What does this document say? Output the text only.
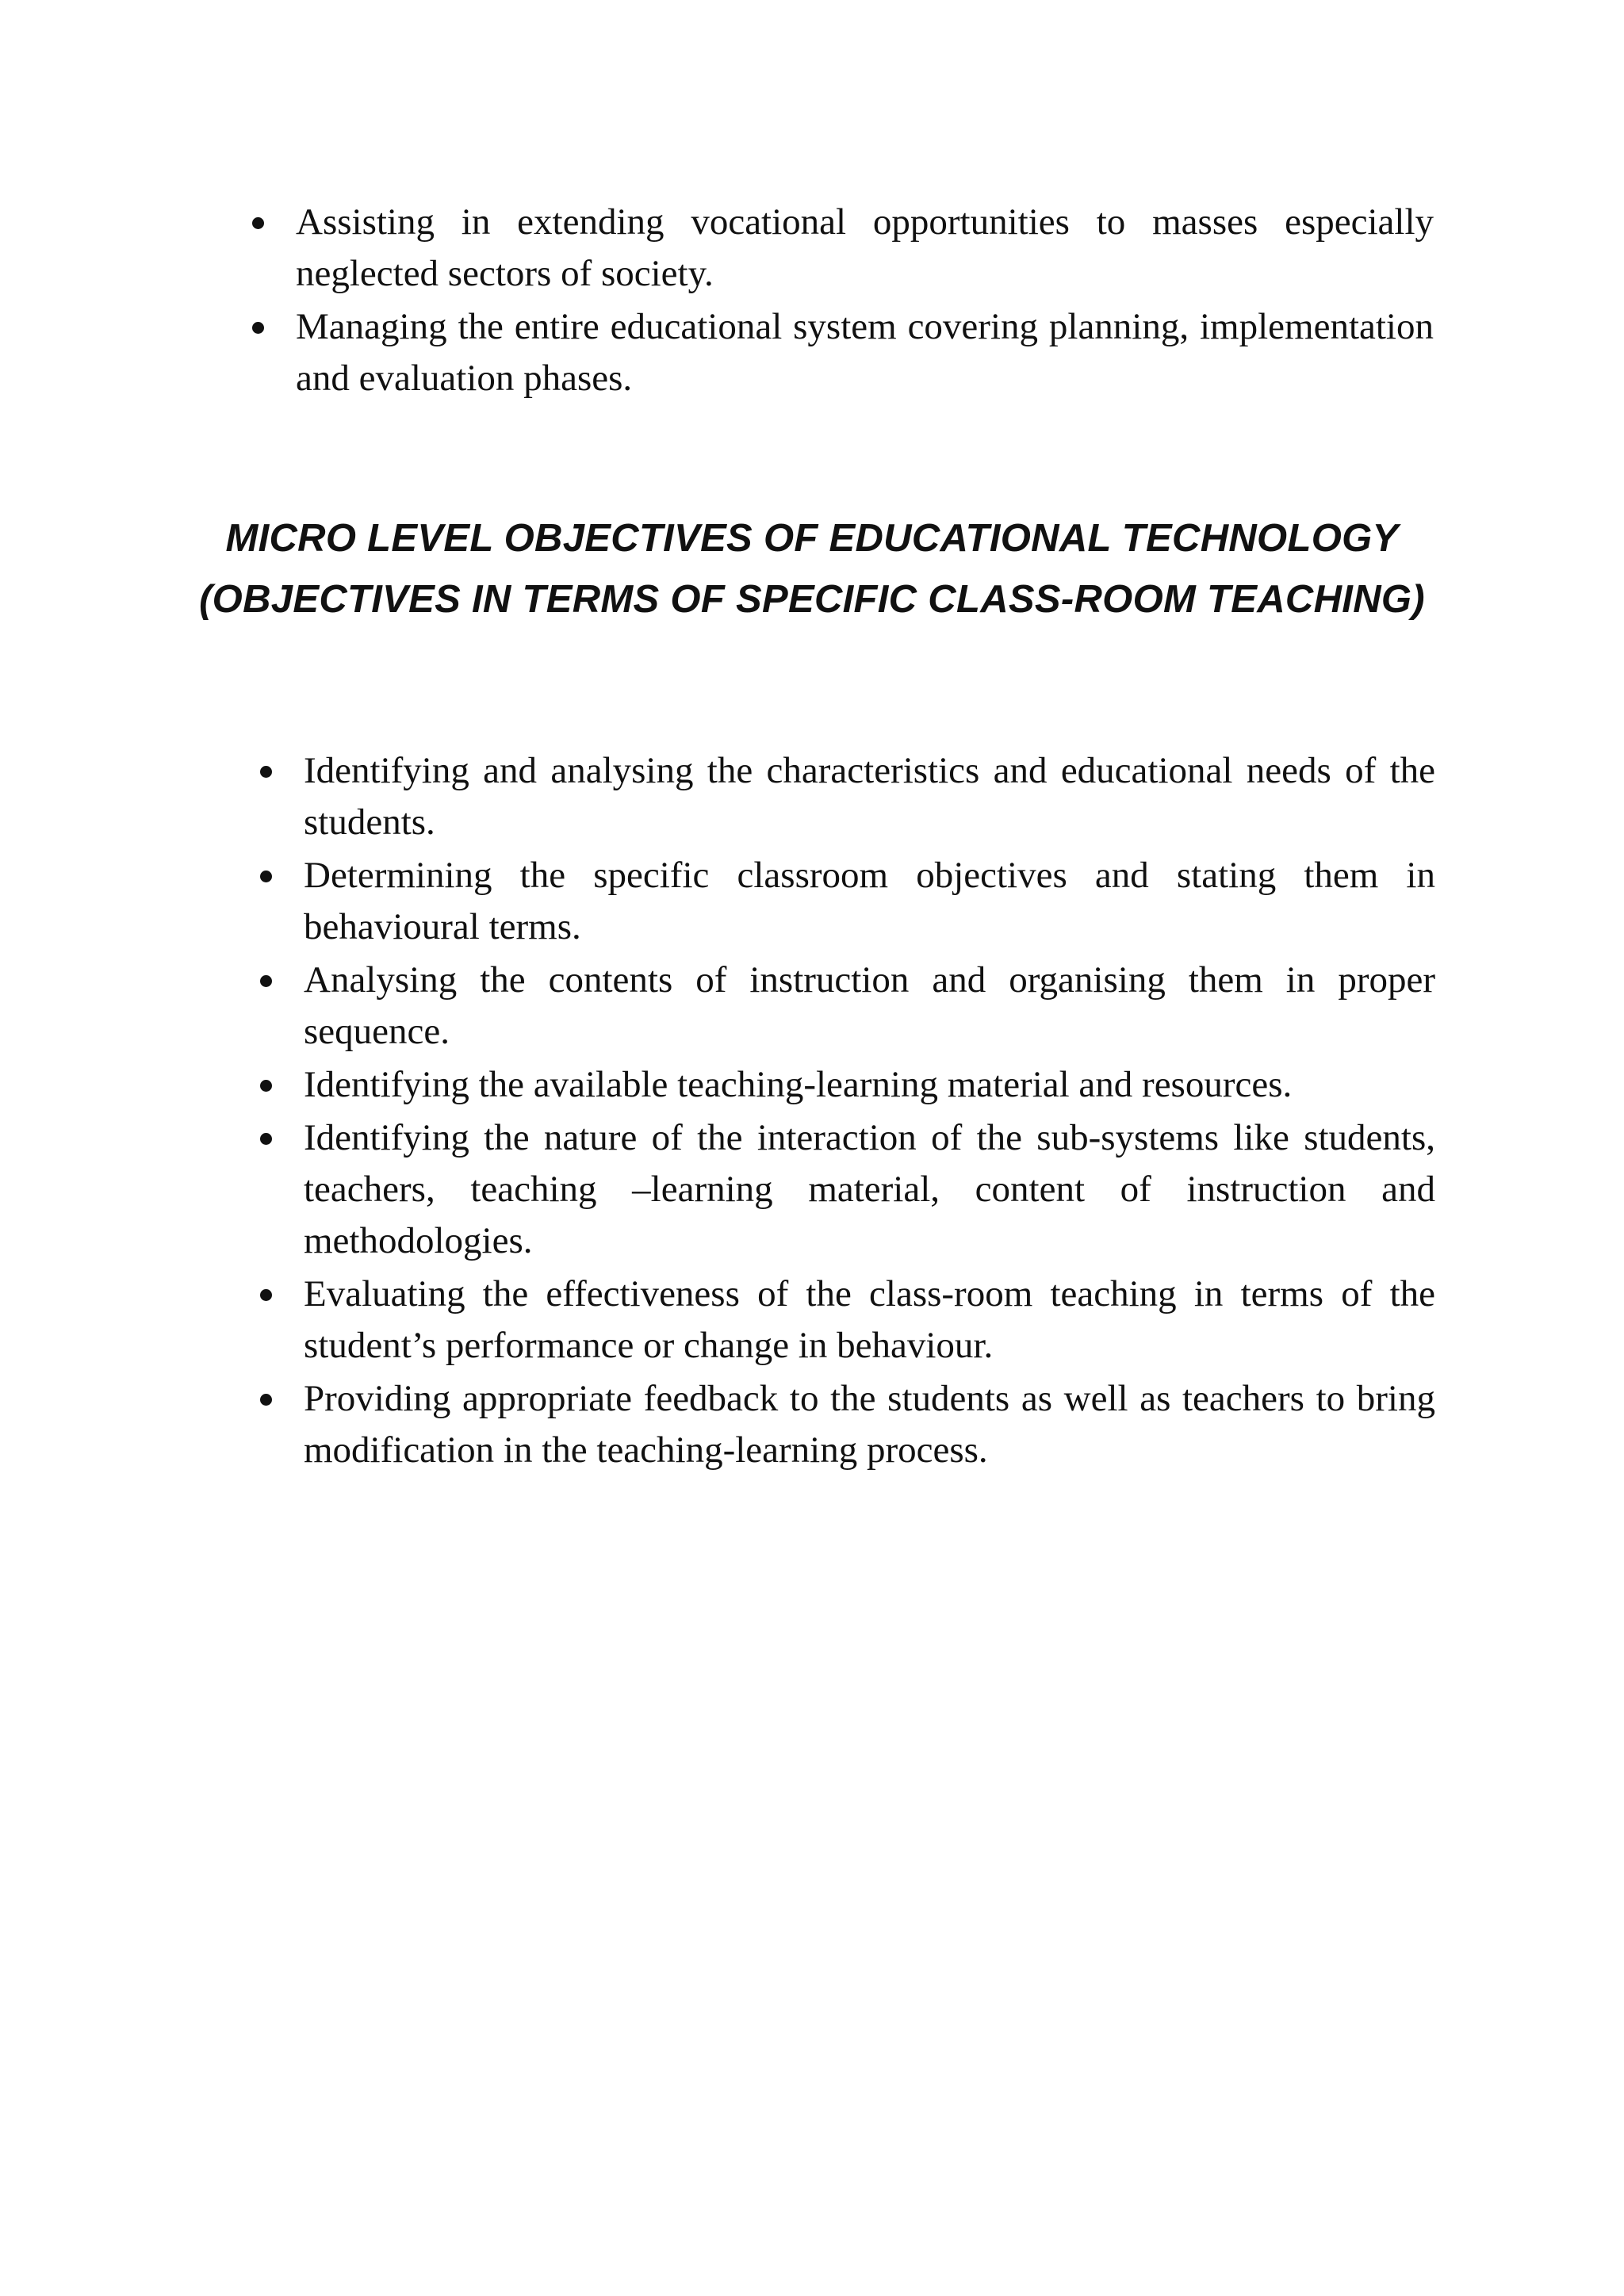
Assisting in extending vocational opportunities to masses especially neglected sectors of society.
Managing the entire educational system covering planning, implementation and evaluation phases.
MICRO LEVEL OBJECTIVES OF EDUCATIONAL TECHNOLOGY
(OBJECTIVES IN TERMS OF SPECIFIC CLASS-ROOM TEACHING)
Identifying and analysing the characteristics and educational needs of the students.
Determining the specific classroom objectives and stating them in behavioural terms.
Analysing the contents of instruction and organising them in proper sequence.
Identifying the available teaching-learning material and resources.
Identifying the nature of the interaction of the sub-systems like students, teachers, teaching –learning material, content of instruction and methodologies.
Evaluating the effectiveness of the class-room teaching in terms of the student’s performance or change in behaviour.
Providing appropriate feedback to the students as well as teachers to bring modification in the teaching-learning process.
